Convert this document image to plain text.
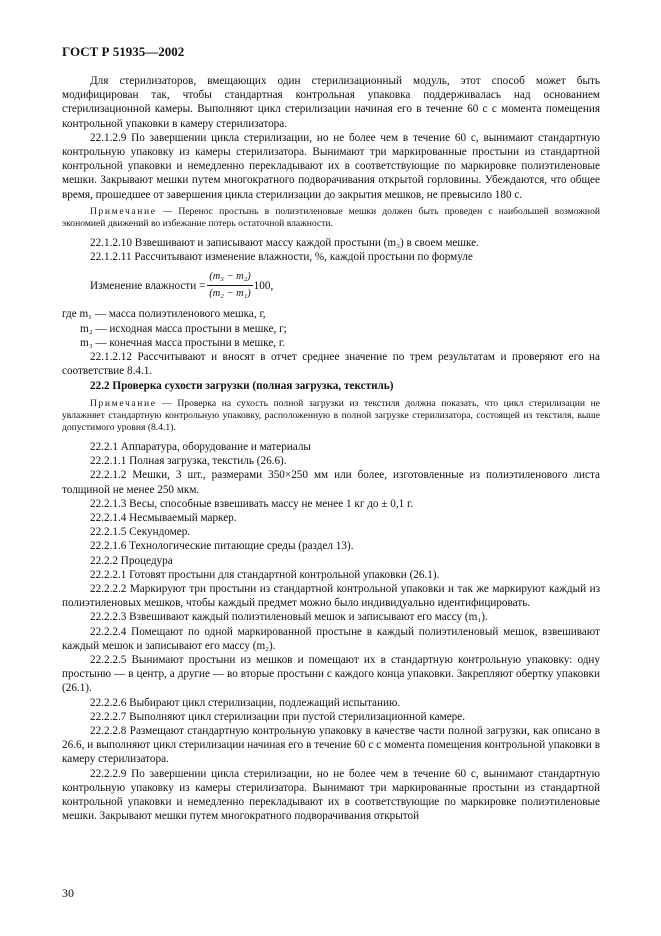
ГОСТ Р 51935—2002

Для стерилизаторов, вмещающих один стерилизационный модуль, этот способ может быть модифицирован так, чтобы стандартная контрольная упаковка поддерживалась над основанием стерилизационной камеры. Выполняют цикл стерилизации начиная его в течение 60 с с момента помещения контрольной упаковки в камеру стерилизатора.

22.1.2.9 По завершении цикла стерилизации, но не более чем в течение 60 с, вынимают стандартную контрольную упаковку из камеры стерилизатора. Вынимают три маркированные простыни из стандартной контрольной упаковки и немедленно перекладывают их в соответствующие по маркировке полиэтиленовые мешки. Закрывают мешки путем многократного подворачивания открытой горловины. Убеждаются, что общее время, прошедшее от завершения цикла стерилизации до закрытия мешков, не превысило 180 с.

Примечание — Перенос простынь в полиэтиленовые мешки должен быть проведен с наибольшей возможной экономией движений во избежание потерь остаточной влажности.

22.1.2.10 Взвешивают и записывают массу каждой простыни (m₃) в своем мешке.

22.1.2.11 Рассчитывают изменение влажности, %, каждой простыни по формуле

Изменение влажности = $\frac{\text{(m₃ − m₂)}}{\text{(m₂ − m₁)}} 100$,

где m₁ — масса полиэтиленового мешка, г,

m₂ — исходная масса простыни в мешке, г;

m₃ — конечная масса простыни в мешке, г.

22.1.2.12 Рассчитывают и вносят в отчет среднее значение по трем результатам и проверяют его на соответствие 8.4.1.

22.2 Проверка сухости загрузки (полная загрузка, текстиль)

Примечание — Проверка на сухость полной загрузки из текстиля должна показать, что цикл стерилизации не увлажняет стандартную контрольную упаковку, расположенную в полной загрузке стерилизатора, состоящей из текстиля, выше допустимого уровня (8.4.1).

22.2.1 Аппаратура, оборудование и материалы

22.2.1.1 Полная загрузка, текстиль (26.6).

22.2.1.2 Мешки, 3 шт., размерами 350×250 мм или более, изготовленные из полиэтиленового листа толщиной не менее 250 мкм.

22.2.1.3 Весы, способные взвешивать массу не менее 1 кг до ± 0,1 г.

22.2.1.4 Несмываемый маркер.

22.2.1.5 Секундомер.

22.2.1.6 Технологические питающие среды (раздел 13).

22.2.2 Процедура

22.2.2.1 Готовят простыни для стандартной контрольной упаковки (26.1).

22.2.2.2 Маркируют три простыни из стандартной контрольной упаковки и так же маркируют каждый из полиэтиленовых мешков, чтобы каждый предмет можно было индивидуально идентифицировать.

22.2.2.3 Взвешивают каждый полиэтиленовый мешок и записывают его массу (m₁).

22.2.2.4 Помещают по одной маркированной простыне в каждый полиэтиленовый мешок, взвешивают каждый мешок и записывают его массу (m₂).

22.2.2.5 Вынимают простыни из мешков и помещают их в стандартную контрольную упаковку: одну простыню — в центр, а другие — во вторые простыни с каждого конца упаковки. Закрепляют обертку упаковки (26.1).

22.2.2.6 Выбирают цикл стерилизации, подлежащий испытанию.

22.2.2.7 Выполняют цикл стерилизации при пустой стерилизационной камере.

22.2.2.8 Размещают стандартную контрольную упаковку в качестве части полной загрузки, как описано в 26.6, и выполняют цикл стерилизации начиная его в течение 60 с с момента помещения контрольной упаковки в камеру стерилизатора.

22.2.2.9 По завершении цикла стерилизации, но не более чем в течение 60 с, вынимают стандартную контрольную упаковку из камеры стерилизатора. Вынимают три маркированные простыни из стандартной контрольной упаковки и немедленно перекладывают их в соответствующие по маркировке полиэтиленовые мешки. Закрывают мешки путем многократного подворачивания открытой

30
